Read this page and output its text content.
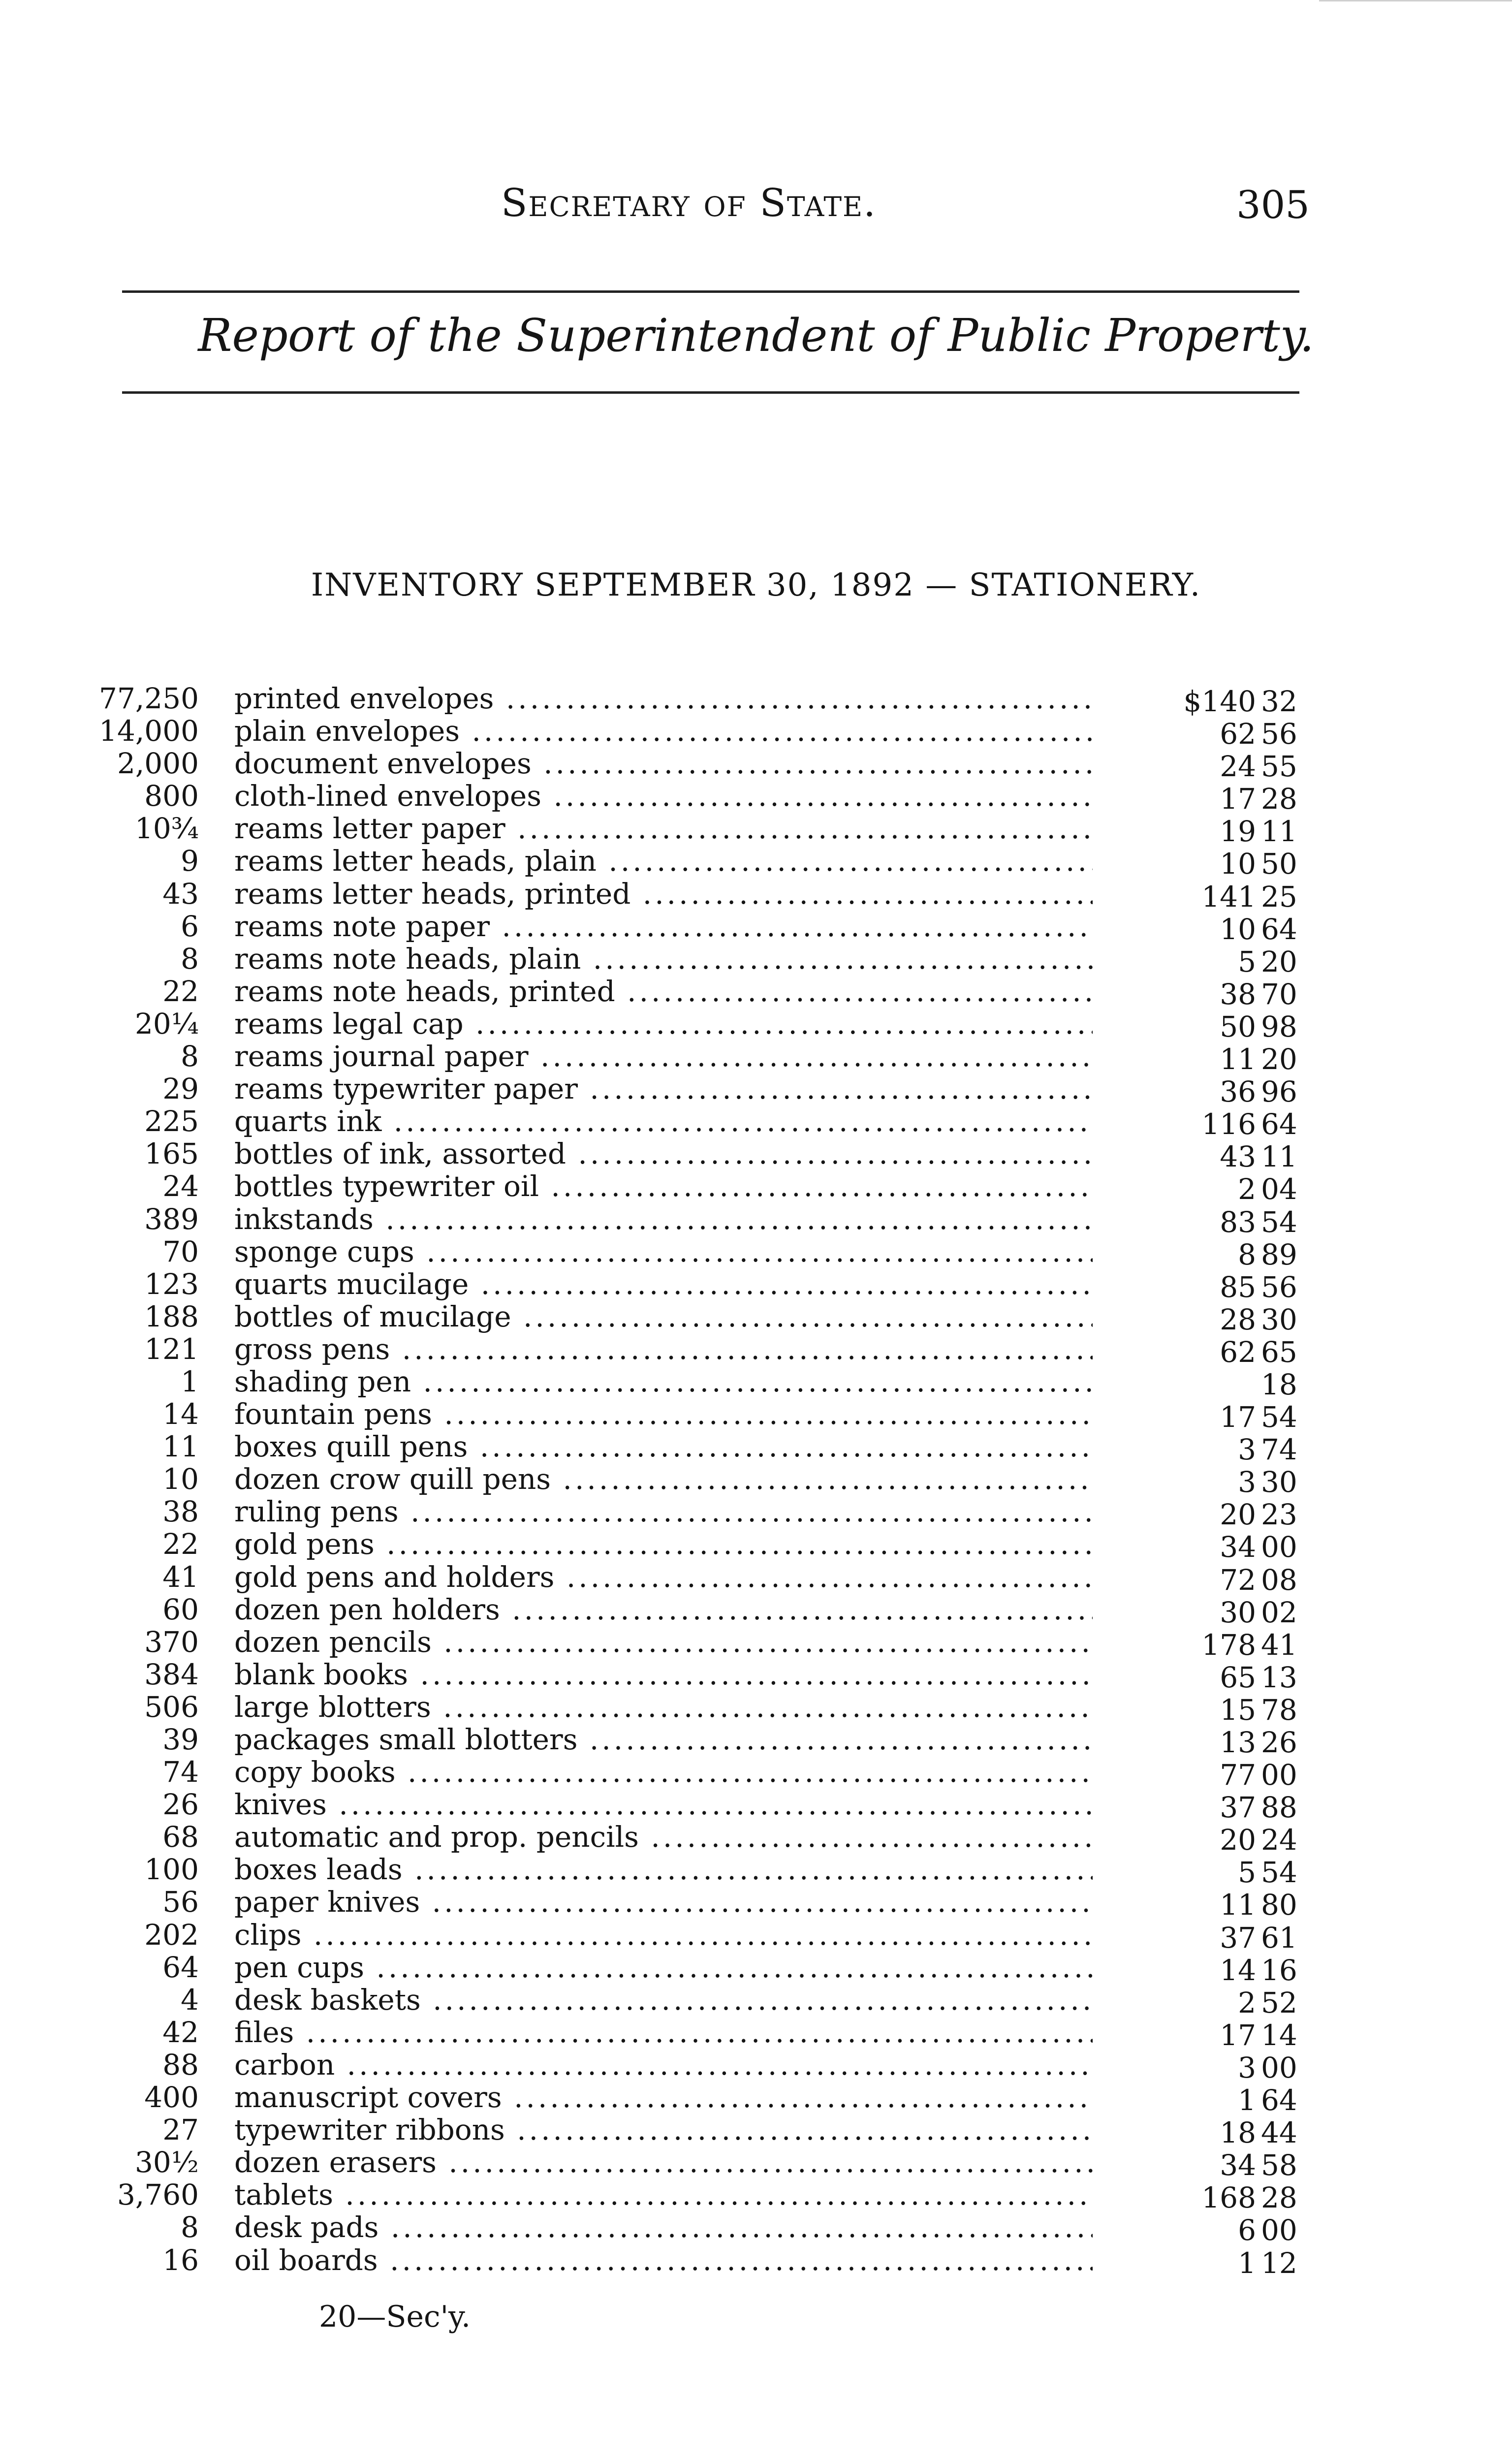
Secretary of State.	305
Report of the Superintendent of Public Property.
INVENTORY SEPTEMBER 30, 1892 — STATIONERY.
77,250 printed envelopes .....	$140 32
14,000 plain envelopes .....	62 56
2,000 document envelopes .....	24 55
800 cloth-lined envelopes .....	17 28
10¾ reams letter paper .....	19 11
9 reams letter heads, plain .....	10 50
43 reams letter heads, printed .....	141 25
6 reams note paper .....	10 64
8 reams note heads, plain .....	5 20
22 reams note heads, printed .....	38 70
20¼ reams legal cap .....	50 98
8 reams journal paper .....	11 20
29 reams typewriter paper .....	36 96
225 quarts ink .....	116 64
165 bottles of ink, assorted .....	43 11
24 bottles typewriter oil .....	2 04
389 inkstands .....	83 54
70 sponge cups .....	8 89
123 quarts mucilage .....	85 56
188 bottles of mucilage .....	28 30
121 gross pens .....	62 65
1 shading pen .....	18
14 fountain pens .....	17 54
11 boxes quill pens .....	3 74
10 dozen crow quill pens .....	3 30
38 ruling pens .....	20 23
22 gold pens .....	34 00
41 gold pens and holders .....	72 08
60 dozen pen holders .....	30 02
370 dozen pencils .....	178 41
384 blank books .....	65 13
506 large blotters .....	15 78
39 packages small blotters .....	13 26
74 copy books .....	77 00
26 knives .....	37 88
68 automatic and prop. pencils .....	20 24
100 boxes leads .....	5 54
56 paper knives .....	11 80
202 clips .....	37 61
64 pen cups .....	14 16
4 desk baskets .....	2 52
42 files .....	17 14
88 carbon .....	3 00
400 manuscript covers .....	1 64
27 typewriter ribbons .....	18 44
30½ dozen erasers .....	34 58
3,760 tablets .....	168 28
8 desk pads .....	6 00
16 oil boards .....	1 12
20—Sec'y.
